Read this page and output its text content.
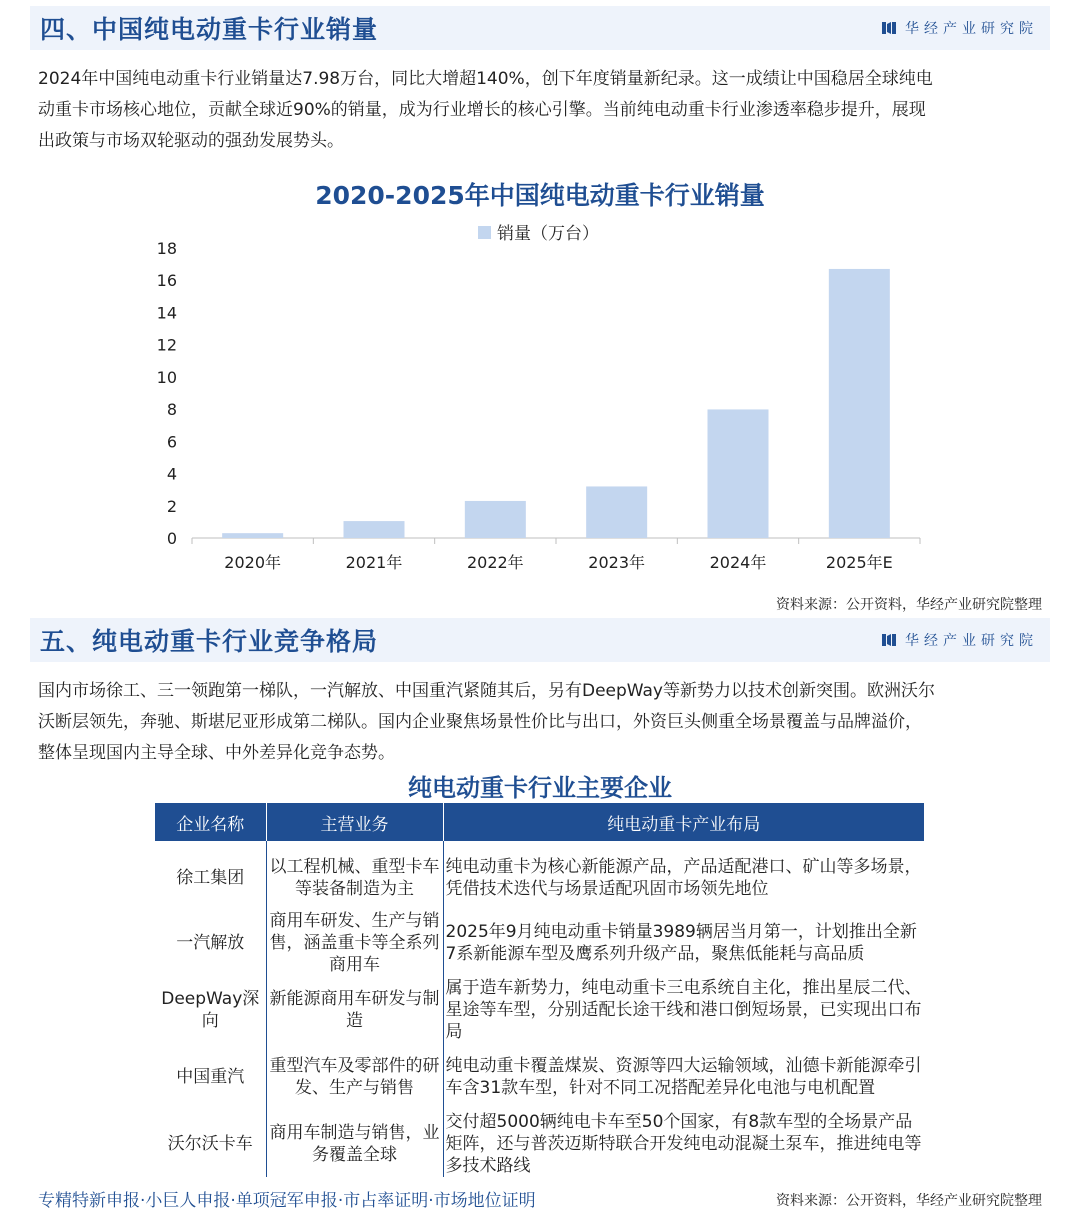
四、中国纯电动重卡行业销量	华经产业研究院
2024年中国纯电动重卡行业销量达7.98万台，同比大增超140%，创下年度销量新纪录。这一成绩让中国稳居全球纯电
动重卡市场核心地位，贡献全球近90%的销量，成为行业增长的核心引擎。当前纯电动重卡行业渗透率稳步提升，展现
出政策与市场双轮驱动的强劲发展势头。
2020-2025年中国纯电动重卡行业销量
销量（万台）
0
2
4
6
8
10
12
14
16
18
2020年	2021年	2022年	2023年	2024年	2025年E
资料来源：公开资料，华经产业研究院整理
五、纯电动重卡行业竞争格局	华经产业研究院
国内市场徐工、三一领跑第一梯队，一汽解放、中国重汽紧随其后，另有DeepWay等新势力以技术创新突围。欧洲沃尔
沃断层领先，奔驰、斯堪尼亚形成第二梯队。国内企业聚焦场景性价比与出口，外资巨头侧重全场景覆盖与品牌溢价，
整体呈现国内主导全球、中外差异化竞争态势。
纯电动重卡行业主要企业
企业名称	主营业务	纯电动重卡产业布局
徐工集团	以工程机械、重型卡车等装备制造为主	纯电动重卡为核心新能源产品，产品适配港口、矿山等多场景，凭借技术迭代与场景适配巩固市场领先地位
一汽解放	商用车研发、生产与销售，涵盖重卡等全系列商用车	2025年9月纯电动重卡销量3989辆居当月第一，计划推出全新7系新能源车型及鹰系列升级产品，聚焦低能耗与高品质
DeepWay深向	新能源商用车研发与制造	属于造车新势力，纯电动重卡三电系统自主化，推出星辰二代、星途等车型，分别适配长途干线和港口倒短场景，已实现出口布局
中国重汽	重型汽车及零部件的研发、生产与销售	纯电动重卡覆盖煤炭、资源等四大运输领域，汕德卡新能源牵引车含31款车型，针对不同工况搭配差异化电池与电机配置
沃尔沃卡车	商用车制造与销售，业务覆盖全球	交付超5000辆纯电卡车至50个国家，有8款车型的全场景产品矩阵，还与普茨迈斯特联合开发纯电动混凝土泵车，推进纯电等多技术路线
专精特新申报·小巨人申报·单项冠军申报·市占率证明·市场地位证明	资料来源：公开资料，华经产业研究院整理
